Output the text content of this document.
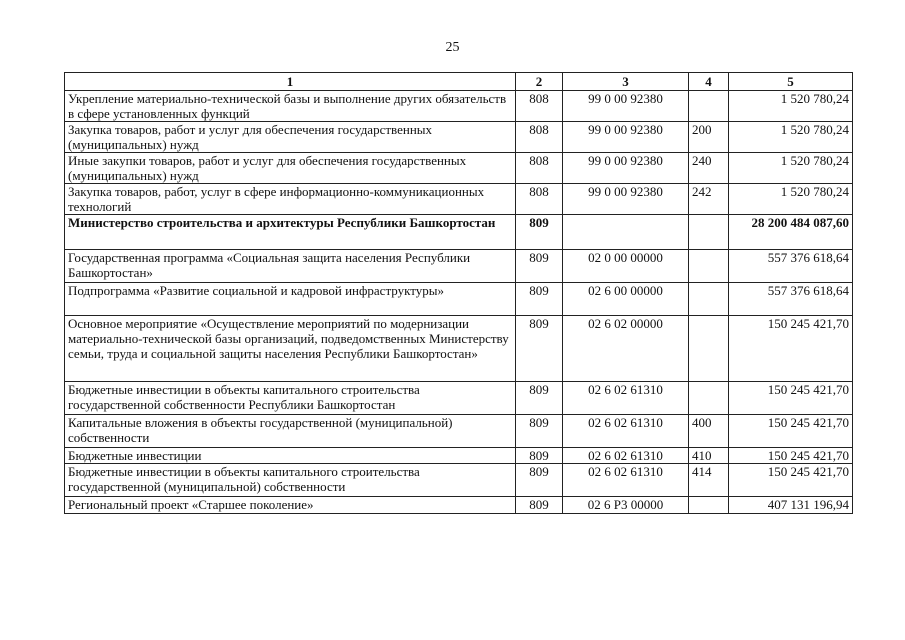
25
1	2	3	4	5
Укрепление материально-технической базы и выполнение других обязательств в сфере установленных функций	808	99 0 00 92380		1 520 780,24
Закупка товаров, работ и услуг для обеспечения государственных (муниципальных) нужд	808	99 0 00 92380	200	1 520 780,24
Иные закупки товаров, работ и услуг для обеспечения государственных (муниципальных) нужд	808	99 0 00 92380	240	1 520 780,24
Закупка товаров, работ, услуг в сфере информационно-коммуникационных технологий	808	99 0 00 92380	242	1 520 780,24
Министерство строительства и архитектуры Республики Башкортостан	809			28 200 484 087,60
Государственная программа «Социальная защита населения Республики Башкортостан»	809	02 0 00 00000		557 376 618,64
Подпрограмма «Развитие социальной и кадровой инфраструктуры»	809	02 6 00 00000		557 376 618,64
Основное мероприятие «Осуществление мероприятий по модернизации материально-технической базы организаций, подведомственных Министерству семьи, труда и социальной защиты населения Республики Башкортостан»	809	02 6 02 00000		150 245 421,70
Бюджетные инвестиции в объекты капитального строительства государственной собственности Республики Башкортостан	809	02 6 02 61310		150 245 421,70
Капитальные вложения в объекты государственной (муниципальной) собственности	809	02 6 02 61310	400	150 245 421,70
Бюджетные инвестиции	809	02 6 02 61310	410	150 245 421,70
Бюджетные инвестиции в объекты капитального строительства государственной (муниципальной) собственности	809	02 6 02 61310	414	150 245 421,70
Региональный проект «Старшее поколение»	809	02 6 Р3 00000		407 131 196,94
